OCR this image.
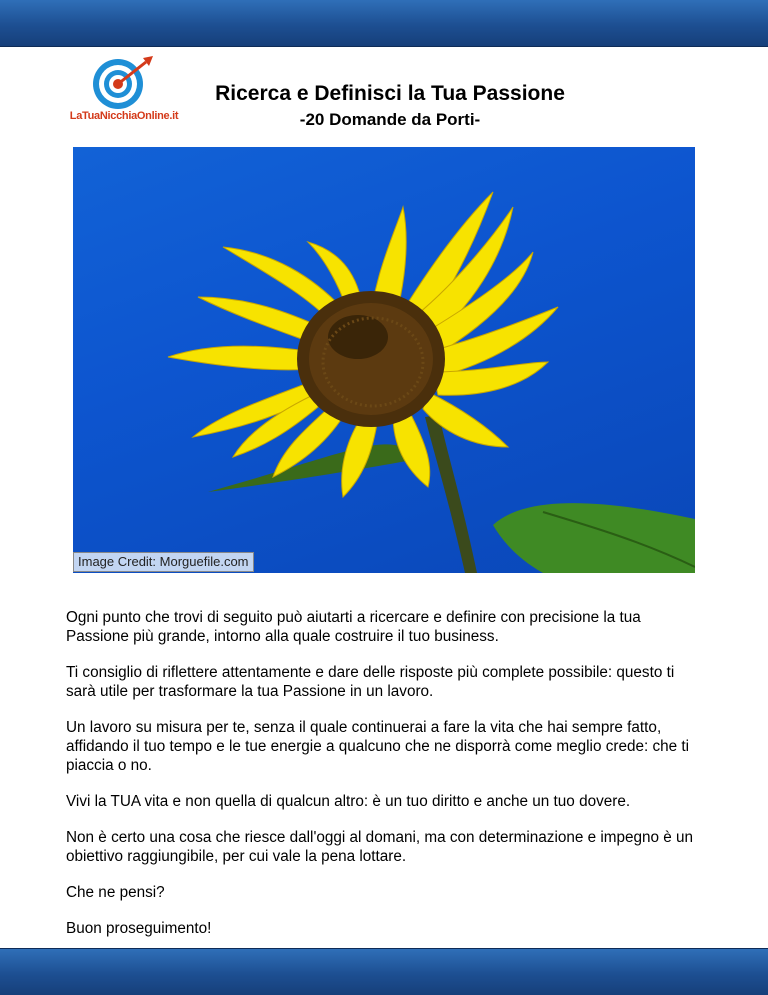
LaTuaNicchiaOnline.it
Ricerca e Definisci la Tua Passione
-20 Domande da Porti-
Image Credit: Morguefile.com

Ogni punto che trovi di seguito può aiutarti a ricercare e definire con precisione la tua Passione più grande, intorno alla quale costruire il tuo business.

Ti consiglio di riflettere attentamente e dare delle risposte più complete possibile: questo ti sarà utile per trasformare la tua Passione in un lavoro.

Un lavoro su misura per te, senza il quale continuerai a fare la vita che hai sempre fatto, affidando il tuo tempo e le tue energie a qualcuno che ne disporrà come meglio crede: che ti piaccia o no.

Vivi la TUA vita e non quella di qualcun altro: è un tuo diritto e anche un tuo dovere.

Non è certo una cosa che riesce dall'oggi al domani, ma con determinazione e impegno è un obiettivo raggiungibile, per cui vale la pena lottare.

Che ne pensi?

Buon proseguimento!
